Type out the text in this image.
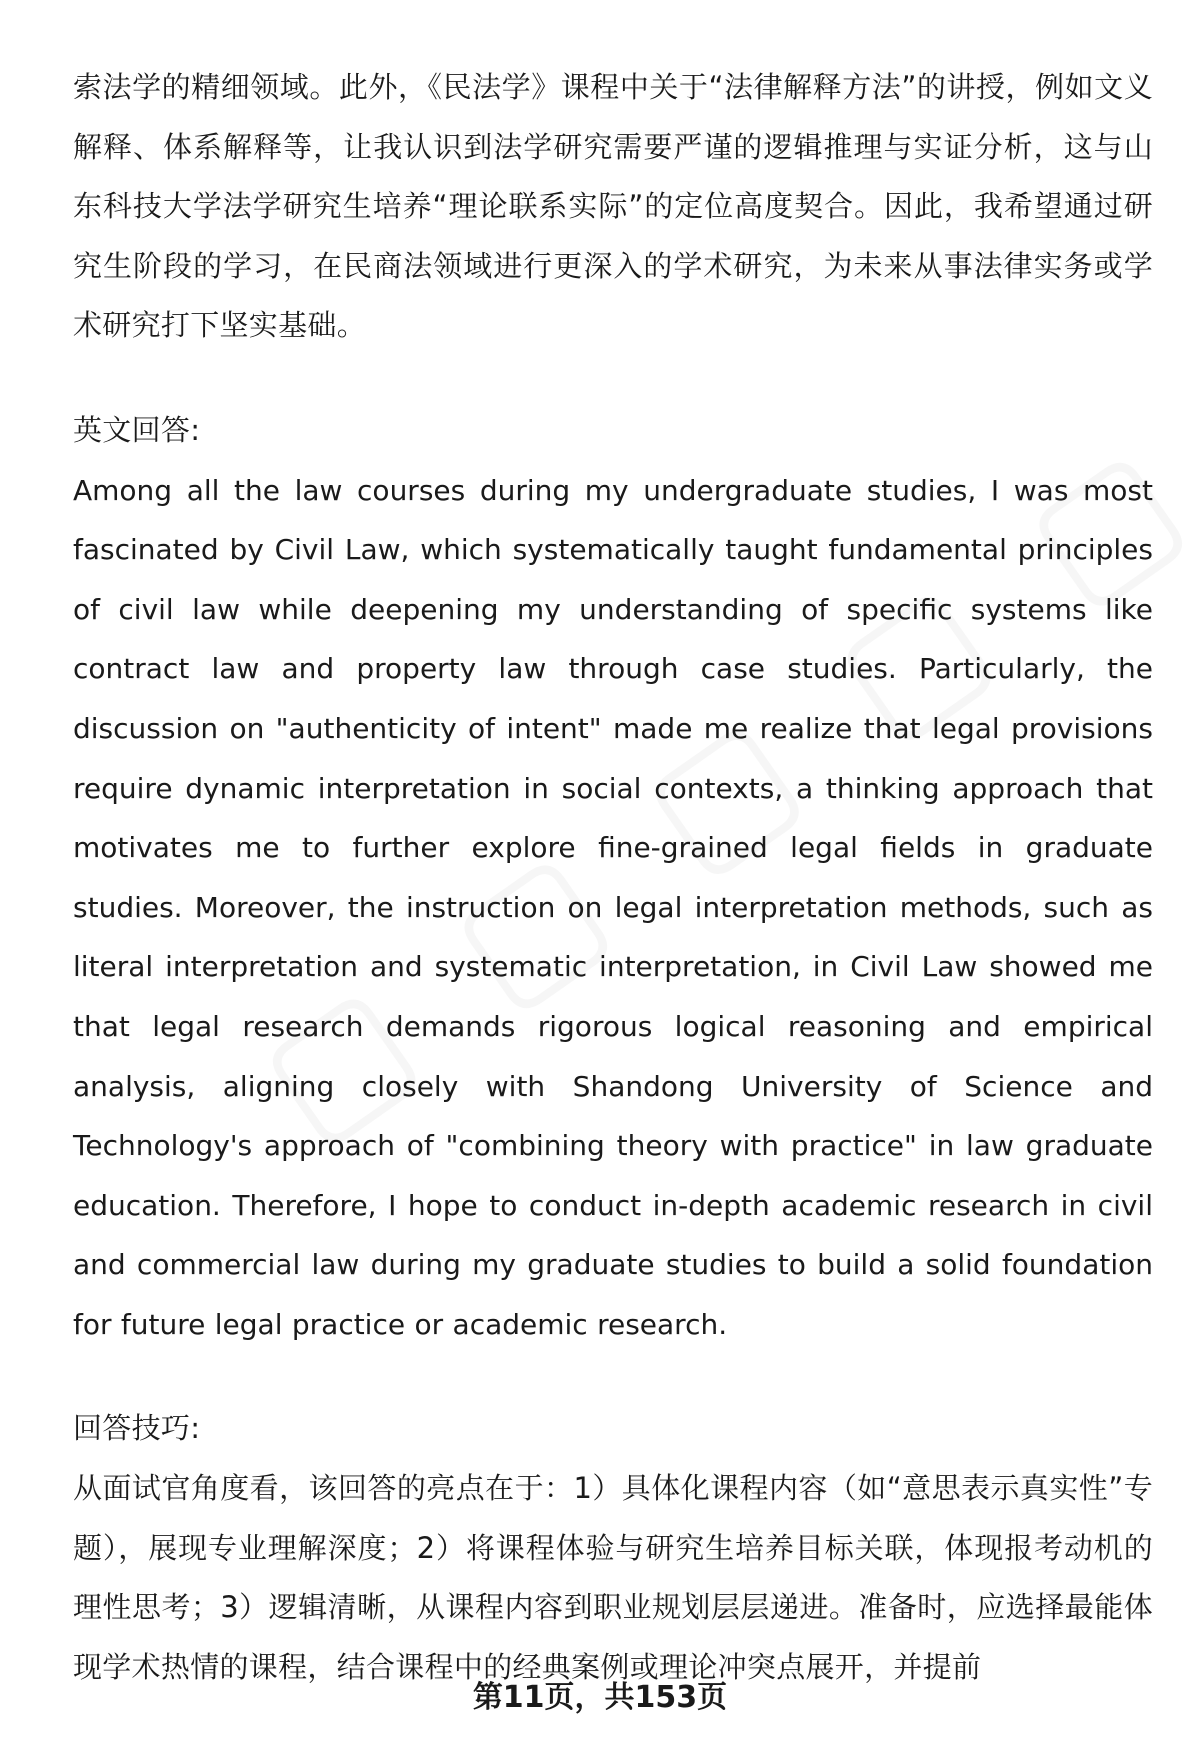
索法学的精细领域。此外，《民法学》课程中关于“法律解释方法”的讲授，例如文义解释、体系解释等，让我认识到法学研究需要严谨的逻辑推理与实证分析，这与山东科技大学法学研究生培养“理论联系实际”的定位高度契合。因此，我希望通过研究生阶段的学习，在民商法领域进行更深入的学术研究，为未来从事法律实务或学术研究打下坚实基础。

英文回答:

Among all the law courses during my undergraduate studies, I was most fascinated by Civil Law, which systematically taught fundamental principles of civil law while deepening my understanding of specific systems like contract law and property law through case studies. Particularly, the discussion on "authenticity of intent" made me realize that legal provisions require dynamic interpretation in social contexts, a thinking approach that motivates me to further explore fine-grained legal fields in graduate studies. Moreover, the instruction on legal interpretation methods, such as literal interpretation and systematic interpretation, in Civil Law showed me that legal research demands rigorous logical reasoning and empirical analysis, aligning closely with Shandong University of Science and Technology's approach of "combining theory with practice" in law graduate education. Therefore, I hope to conduct in-depth academic research in civil and commercial law during my graduate studies to build a solid foundation for future legal practice or academic research.

回答技巧:

从面试官角度看，该回答的亮点在于：1）具体化课程内容（如“意思表示真实性”专题），展现专业理解深度；2）将课程体验与研究生培养目标关联，体现报考动机的理性思考；3）逻辑清晰，从课程内容到职业规划层层递进。准备时，应选择最能体现学术热情的课程，结合课程中的经典案例或理论冲突点展开，并提前

第11页，共153页
